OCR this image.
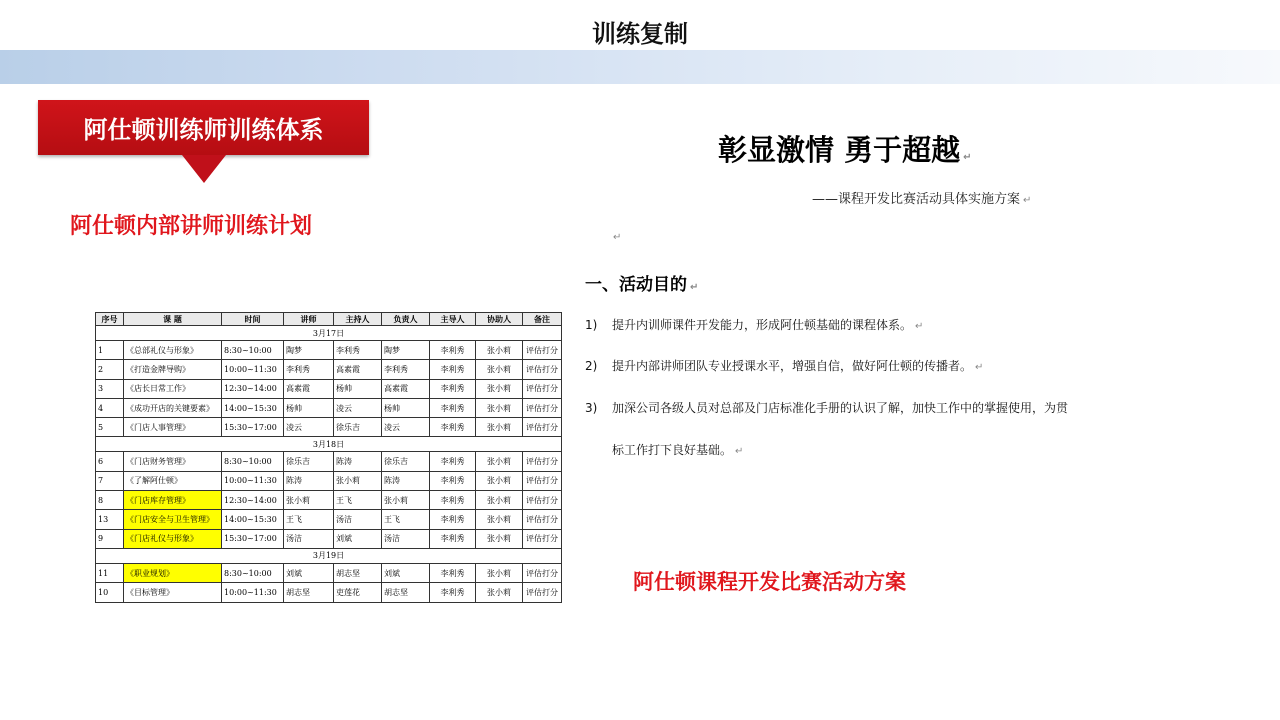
训练复制
阿仕顿训练师训练体系
阿仕顿内部讲师训练计划
序号	课 题	时间	讲师	主持人	负责人	主导人	协助人	备注
3月17日								
1	《总部礼仪与形象》	8:30~10:00	陶梦	李利秀	陶梦	李利秀	张小莉	评估打分
2	《打造金牌导购》	10:00~11:30	李利秀	高素霞	李利秀	李利秀	张小莉	评估打分
3	《店长日常工作》	12:30~14:00	高素霞	杨帅	高素霞	李利秀	张小莉	评估打分
4	《成功开店的关键要素》	14:00~15:30	杨帅	凌云	杨帅	李利秀	张小莉	评估打分
5	《门店人事管理》	15:30~17:00	凌云	徐乐吉	凌云	李利秀	张小莉	评估打分
3月18日								
6	《门店财务管理》	8:30~10:00	徐乐吉	陈涛	徐乐吉	李利秀	张小莉	评估打分
7	《了解阿仕顿》	10:00~11:30	陈涛	张小莉	陈涛	李利秀	张小莉	评估打分
8	《门店库存管理》	12:30~14:00	张小莉	王飞	张小莉	李利秀	张小莉	评估打分
13	《门店安全与卫生管理》	14:00~15:30	王飞	汤洁	王飞	李利秀	张小莉	评估打分
9	《门店礼仪与形象》	15:30~17:00	汤洁	刘斌	汤洁	李利秀	张小莉	评估打分
3月19日								
11	《职业规划》	8:30~10:00	刘斌	胡志坚	刘斌	李利秀	张小莉	评估打分
10	《目标管理》	10:00~11:30	胡志坚	吏莲花	胡志坚	李利秀	张小莉	评估打分
彰显激情 勇于超越 ↵
——课程开发比赛活动具体实施方案 ↵
↵
一、活动目的 ↵
1) 提升内训师课件开发能力，形成阿仕顿基础的课程体系。 ↵
2) 提升内部讲师团队专业授课水平，增强自信，做好阿仕顿的传播者。 ↵
3) 加深公司各级人员对总部及门店标准化手册的认识了解，加快工作中的掌握使用，为贯
标工作打下良好基础。 ↵
阿仕顿课程开发比赛活动方案
